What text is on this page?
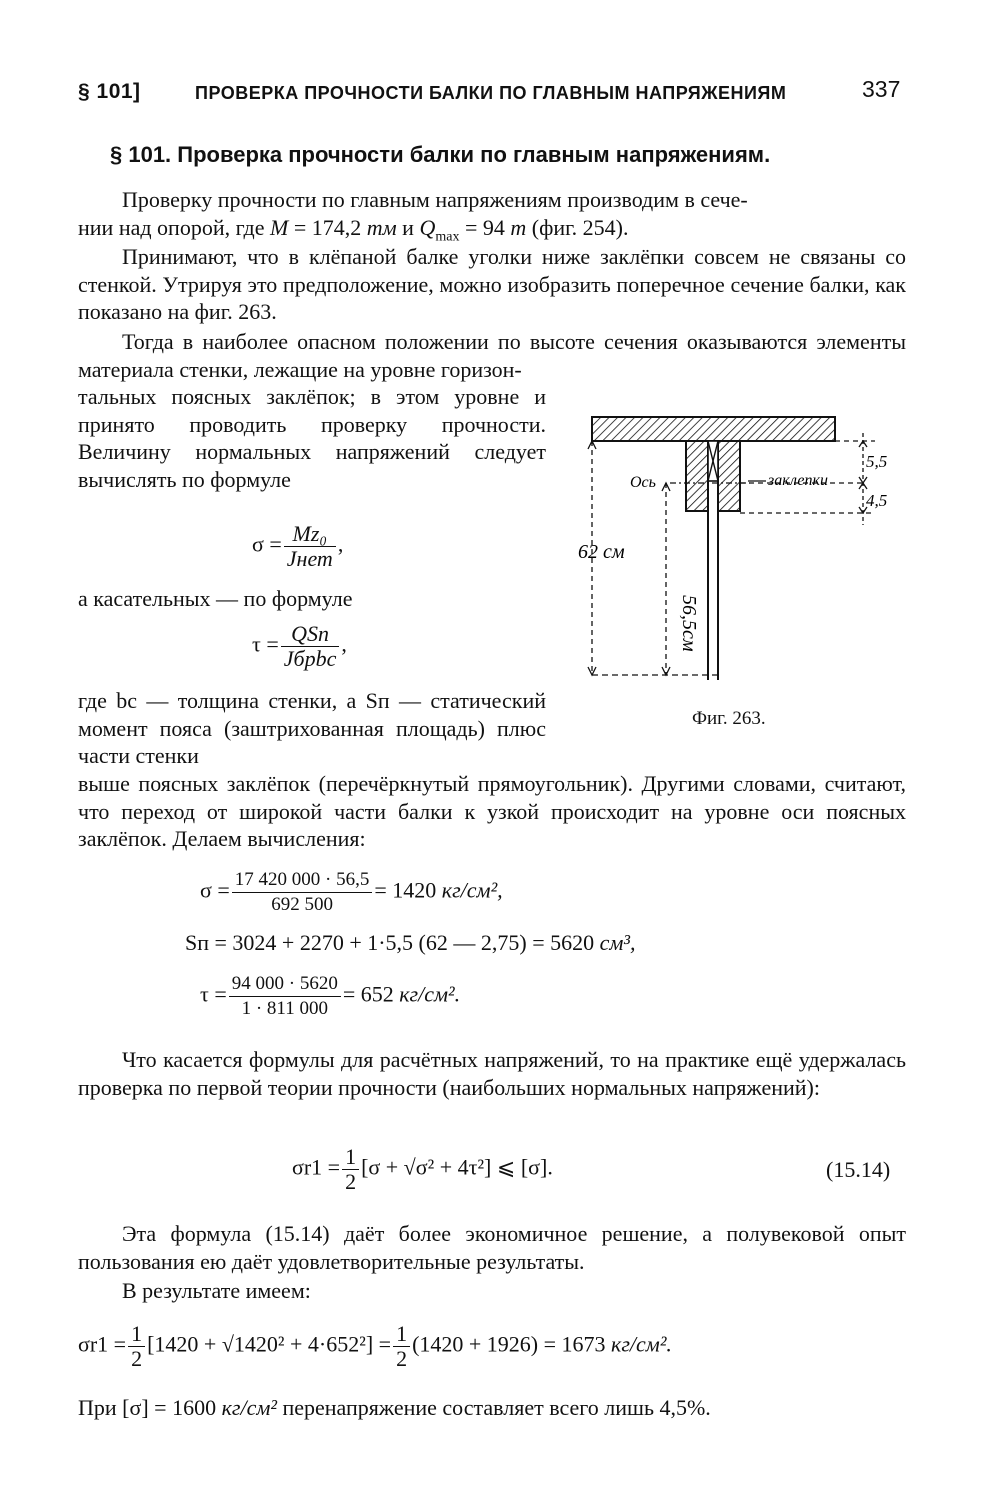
§ 101]	ПРОВЕРКА ПРОЧНОСТИ БАЛКИ ПО ГЛАВНЫМ НАПРЯЖЕНИЯМ	337
§ 101. Проверка прочности балки по главным напряжениям.
Проверку прочности по главным напряжениям производим в сече-
нии над опорой, где M = 174,2 тм и $Q_{max} = 94$ т (фиг. 254).
Принимают, что в клёпаной балке уголки ниже заклёпки совсем не связаны со стенкой. Утрируя это предположение, можно изобразить поперечное сечение балки, как показано на фиг. 263.
Тогда в наиболее опасном положении по высоте сечения оказываются элементы материала стенки, лежащие на уровне горизон-
тальных поясных заклёпок; в этом уровне и принято проводить проверку прочности. Величину нормальных напряжений следует вычислять по формуле
$\sigma = \frac{\text{Mz₀}}{\text{Jнет}}$ ,
а касательных — по формуле
$\tau = \frac{\text{QSп}}{\text{Jбрbс}}$ ,
где bс — толщина стенки, а Sп — статический момент пояса (заштрихованная площадь) плюс части стенки
выше поясных заклёпок (перечёркнутый прямоугольник). Другими словами, считают, что переход от широкой части балки к узкой происходит на уровне оси поясных заклёпок. Делаем вычисления:
$\sigma = \frac{17 420 000 \cdot 56,5}{692 500} = 1420$ кг/см²,
Sп = 3024 + 2270 + 1·5,5 (62 — 2,75) = 5620 см³,
$\tau = \frac{94 000 \cdot 5620}{1 \cdot 811 000} = 652$ кг/см².
Что касается формулы для расчётных напряжений, то на практике ещё удержалась проверка по первой теории прочности (наибольших нормальных напряжений):
$\sigma r1 = \frac{1}{2} [\sigma + √\sigma^2 + 4\tau^2]$ ⩽ [σ].	(15.14)
Эта формула (15.14) даёт более экономичное решение, а полувековой опыт пользования ею даёт удовлетворительные результаты.
В результате имеем:
$\sigma r1 = \frac{1}{2} [1420 + √1420^2 + 4\cdot 652^2] = \frac{1}{2} (1420 + 1926) = 1673$ кг/см².
При [σ] = 1600 кг/см² перенапряжение составляет всего лишь 4,5%.
5,5
4,5
Ось	заклепки
62 см
56,5см
Фиг. 263.
